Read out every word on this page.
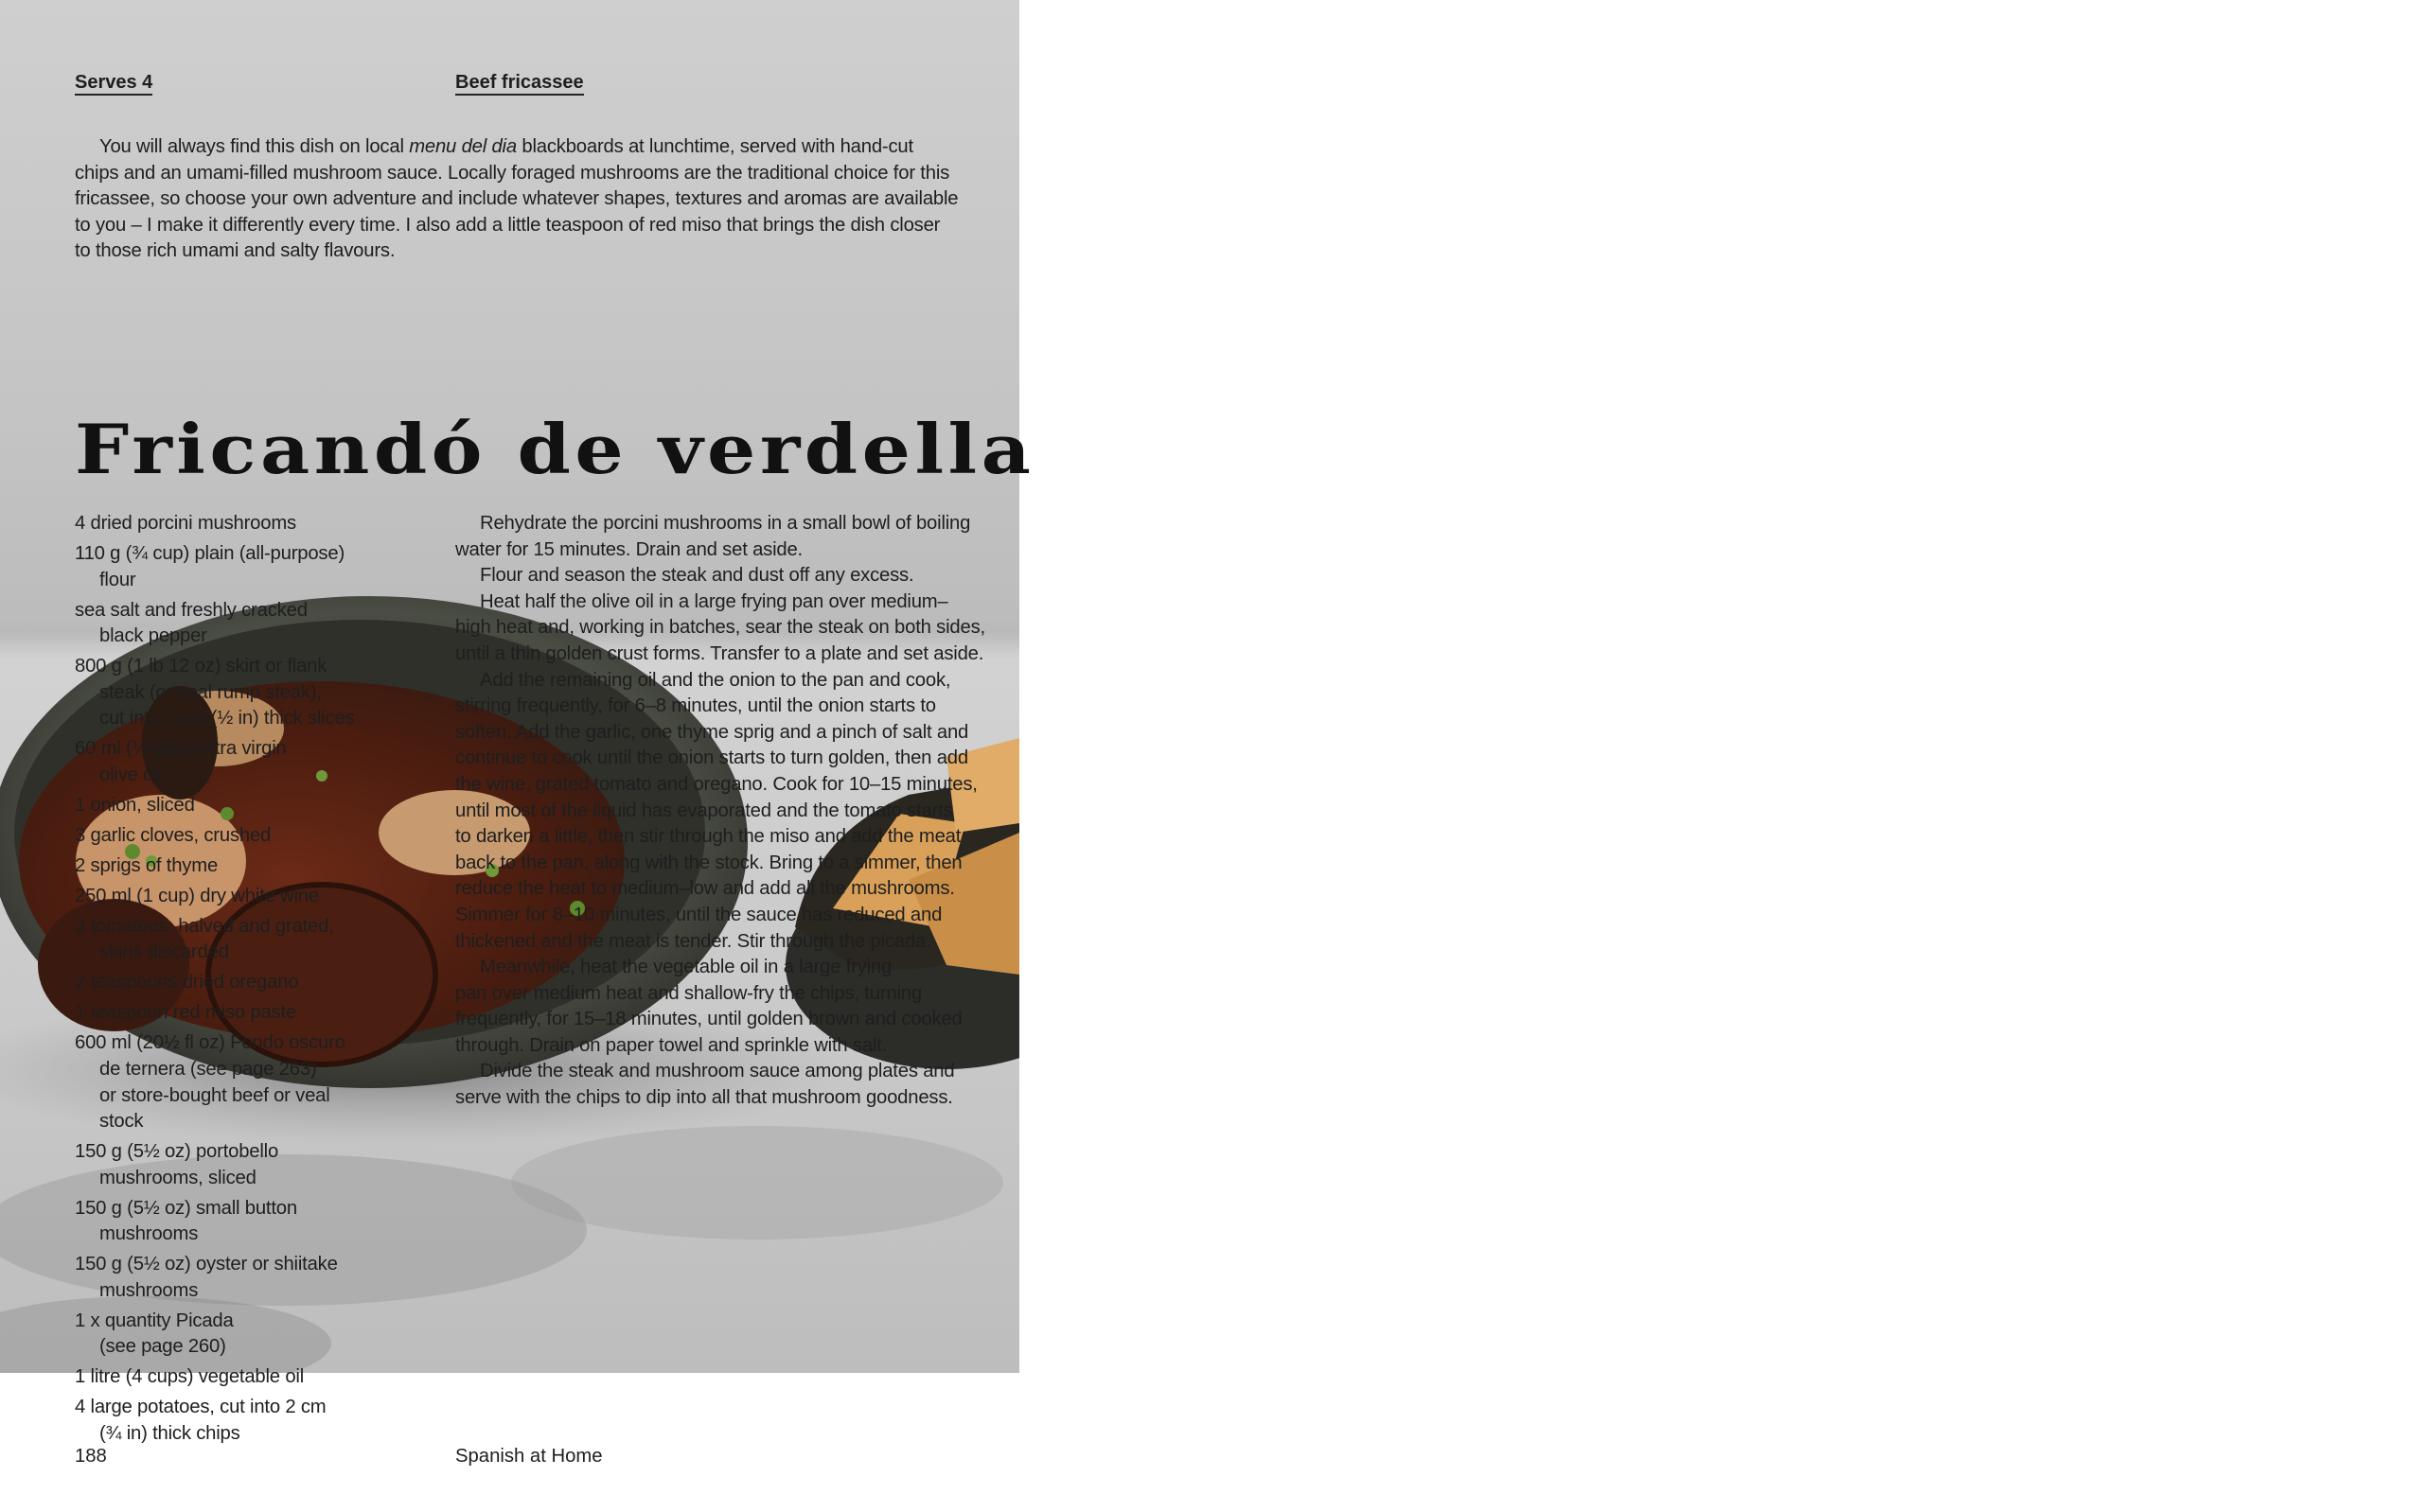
Serves 4	Beef fricassee
You will always find this dish on local menu del dia blackboards at lunchtime, served with hand-cut
chips and an umami-filled mushroom sauce. Locally foraged mushrooms are the traditional choice for this
fricassee, so choose your own adventure and include whatever shapes, textures and aromas are available
to you – I make it differently every time. I also add a little teaspoon of red miso that brings the dish closer
to those rich umami and salty flavours.
Fricandó de verdella
4 dried porcini mushrooms
110 g (¾ cup) plain (all-purpose)
flour
sea salt and freshly cracked
black pepper
800 g (1 lb 12 oz) skirt or flank
steak (or veal rump steak),
cut into 1 cm (½ in) thick slices
60 ml (¼ cup) extra virgin
olive oil
1 onion, sliced
3 garlic cloves, crushed
2 sprigs of thyme
250 ml (1 cup) dry white wine
3 tomatoes, halved and grated,
skins discarded
2 teaspoons dried oregano
1 teaspoon red miso paste
600 ml (20½ fl oz) Fondo oscuro
de ternera (see page 263)
or store-bought beef or veal
stock
150 g (5½ oz) portobello
mushrooms, sliced
150 g (5½ oz) small button
mushrooms
150 g (5½ oz) oyster or shiitake
mushrooms
1 x quantity Picada
(see page 260)
1 litre (4 cups) vegetable oil
4 large potatoes, cut into 2 cm
(¾ in) thick chips
Rehydrate the porcini mushrooms in a small bowl of boiling
water for 15 minutes. Drain and set aside.
Flour and season the steak and dust off any excess.
Heat half the olive oil in a large frying pan over medium–
high heat and, working in batches, sear the steak on both sides,
until a thin golden crust forms. Transfer to a plate and set aside.
Add the remaining oil and the onion to the pan and cook,
stirring frequently, for 6–8 minutes, until the onion starts to
soften. Add the garlic, one thyme sprig and a pinch of salt and
continue to cook until the onion starts to turn golden, then add
the wine, grated tomato and oregano. Cook for 10–15 minutes,
until most of the liquid has evaporated and the tomato starts
to darken a little, then stir through the miso and add the meat
back to the pan, along with the stock. Bring to a simmer, then
reduce the heat to medium–low and add all the mushrooms.
Simmer for 8–10 minutes, until the sauce has reduced and
thickened and the meat is tender. Stir through the picada.
Meanwhile, heat the vegetable oil in a large frying
pan over medium heat and shallow-fry the chips, turning
frequently, for 15–18 minutes, until golden brown and cooked
through. Drain on paper towel and sprinkle with salt.
Divide the steak and mushroom sauce among plates and
serve with the chips to dip into all that mushroom goodness.
188	Spanish at Home
